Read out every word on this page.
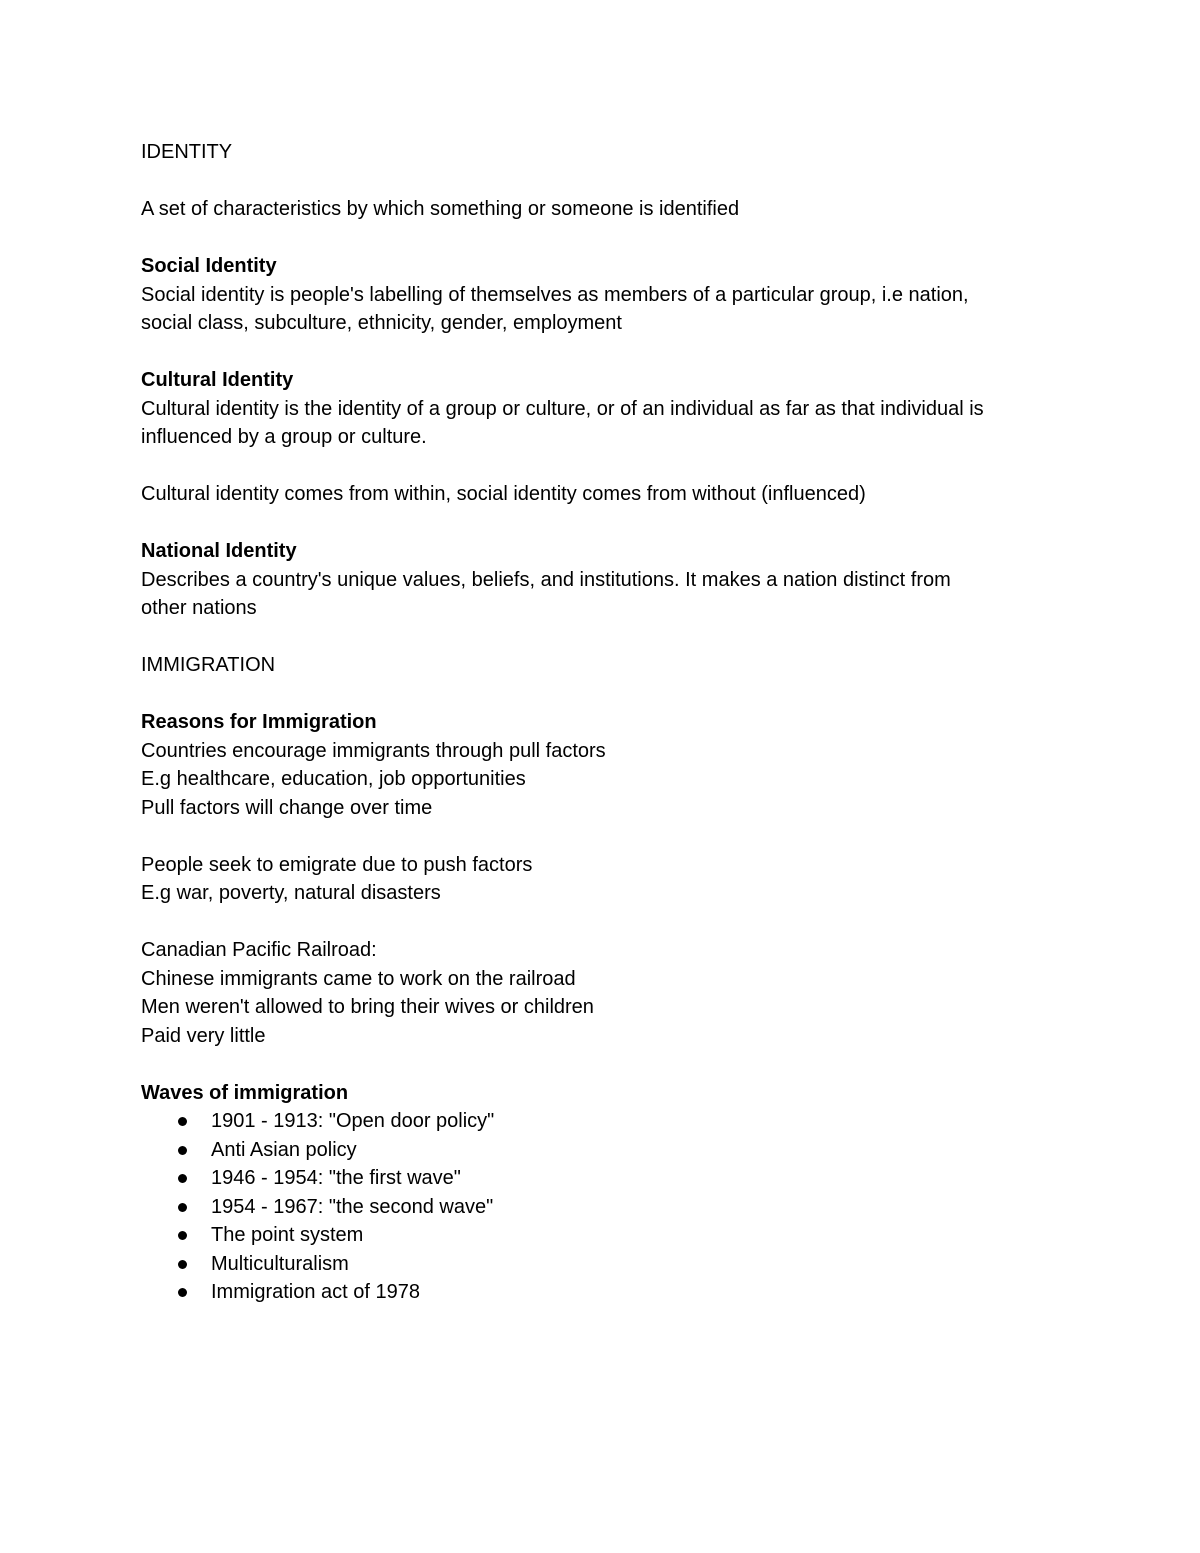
IDENTITY
A set of characteristics by which something or someone is identified
Social Identity
Social identity is people's labelling of themselves as members of a particular group, i.e nation,
social class, subculture, ethnicity, gender, employment
Cultural Identity
Cultural identity is the identity of a group or culture, or of an individual as far as that individual is
influenced by a group or culture.
Cultural identity comes from within, social identity comes from without (influenced)
National Identity
Describes a country's unique values, beliefs, and institutions. It makes a nation distinct from
other nations
IMMIGRATION
Reasons for Immigration
Countries encourage immigrants through pull factors
E.g healthcare, education, job opportunities
Pull factors will change over time
People seek to emigrate due to push factors
E.g war, poverty, natural disasters
Canadian Pacific Railroad:
Chinese immigrants came to work on the railroad
Men weren't allowed to bring their wives or children
Paid very little
Waves of immigration
1901 - 1913: "Open door policy"
Anti Asian policy
1946 - 1954: "the first wave"
1954 - 1967: "the second wave"
The point system
Multiculturalism
Immigration act of 1978
